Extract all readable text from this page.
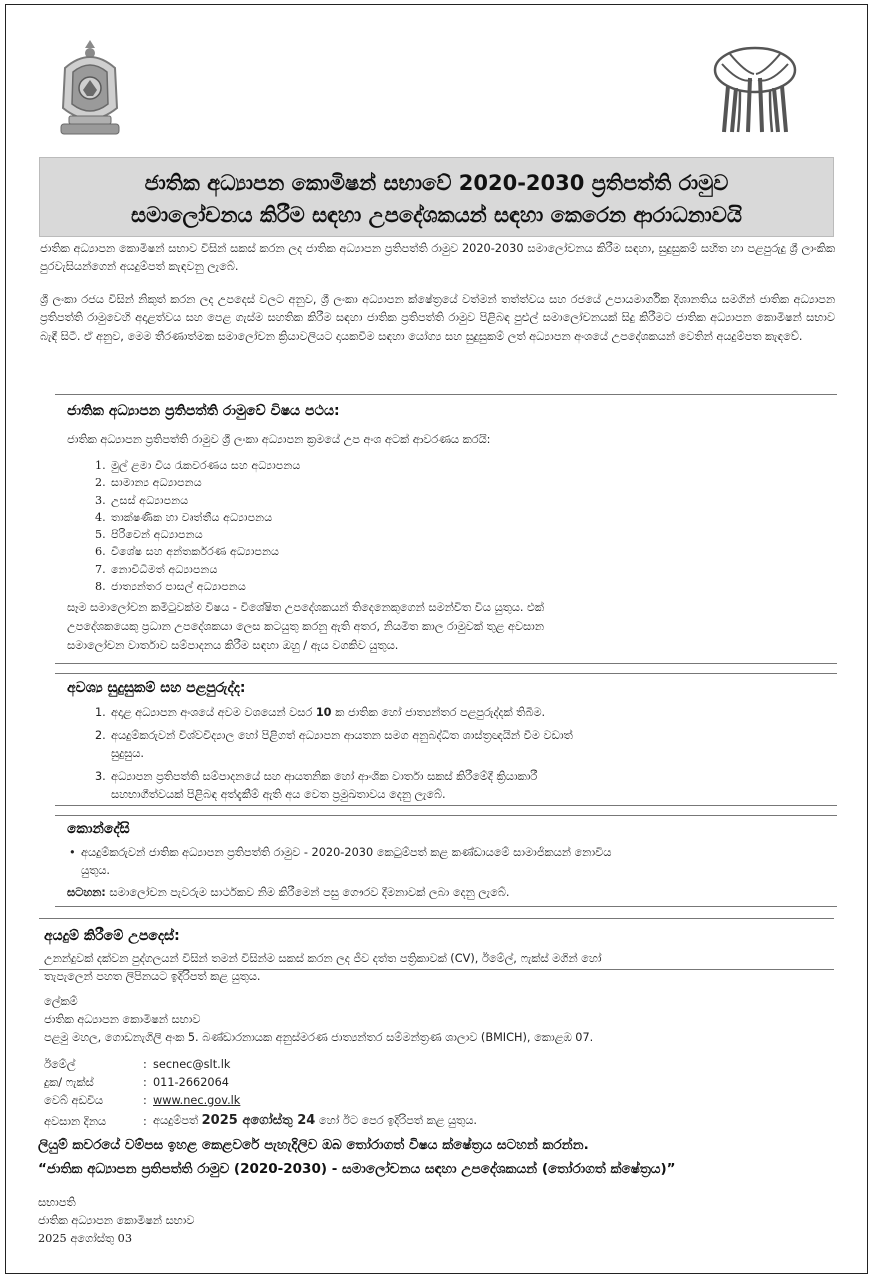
ජාතික අධ්‍යාපන කොමිෂන් සභාවේ 2020-2030 ප්‍රතිපත්ති රාමුව
සමාලෝචනය කිරීම සඳහා උපදේශකයන් සඳහා කෙරෙන ආරාධනාවයි
ජාතික අධ්‍යාපන කොමිෂන් සභාව විසින් සකස් කරන ලද ජාතික අධ්‍යාපන ප්‍රතිපත්ති රාමුව 2020-2030 සමාලෝචනය කිරීම සඳහා, සුදුසුකම් සහිත හා පළපුරුදු ශ්‍රී ලාංකික පුරවැසියන්ගෙන් අයදුම්පත් කැඳවනු ලැබේ.
ශ්‍රී ලංකා රජය විසින් නිකුත් කරන ලද උපදෙස් වලට අනුව, ශ්‍රී ලංකා අධ්‍යාපන ක්ෂේත්‍රයේ වත්මන් තත්ත්වය සහ රජයේ උපායමාර්ගික දිශානතිය සමගින් ජාතික අධ්‍යාපන ප්‍රතිපත්ති රාමුවෙහි අදාළත්වය සහ පෙළ ගැස්ම සහතික කිරීම සඳහා ජාතික ප්‍රතිපත්ති රාමුව පිළිබඳ පුළුල් සමාලෝචනයක් සිදු කිරීමට ජාතික අධ්‍යාපන කොමිෂන් සභාව බැඳී සිටී. ඒ අනුව, මෙම තීරණාත්මක සමාලෝචන ක්‍රියාවලියට දායකවීම සඳහා යෝග්‍ය සහ සුදුසුකම් ලත් අධ්‍යාපන අංශයේ උපදේශකයන් වෙතින් අයදුම්පත කැඳවේ.
ජාතික අධ්‍යාපන ප්‍රතිපත්ති රාමුවේ විෂය පථය:
ජාතික අධ්‍යාපන ප්‍රතිපත්ති රාමුව ශ්‍රී ලංකා අධ්‍යාපන ක්‍රමයේ උප අංශ අටක් ආවරණය කරයි:
1. මුල් ළමා විය රැකවරණය සහ අධ්‍යාපනය
2. සාමාන්‍ය අධ්‍යාපනය
3. උසස් අධ්‍යාපනය
4. තාක්ෂණික හා වෘත්තීය අධ්‍යාපනය
5. පිරිවෙන් අධ්‍යාපනය
6. විශේෂ සහ අන්තර්කරණ අධ්‍යාපනය
7. නොවිධිමත් අධ්‍යාපනය
8. ජාත්‍යන්තර පාසල් අධ්‍යාපනය
සෑම සමාලෝචන කමිටුවක්ම විෂය - විශේෂිත උපදේශකයන් තිදෙනෙකුගෙන් සමන්විත විය යුතුය. එක්
උපදේශකයෙකු ප්‍රධාන උපදේශකයා ලෙස කටයුතු කරනු ඇති අතර, නියමිත කාල රාමුවක් තුළ අවසාන
සමාලෝචන වාර්තාව සම්පාදනය කිරීම සඳහා ඔහු / ඇය වගකිව යුතුය.
අවශ්‍ය සුදුසුකම් සහ පළපුරුද්ද:
1. අදාළ අධ්‍යාපන අංශයේ අවම වශයෙන් වසර 10 ක ජාතික හෝ ජාත්‍යන්තර පළපුරුද්දක් තිබීම.
2. අයදුම්කරුවන් විශ්වවිද්‍යාල හෝ පිළිගත් අධ්‍යාපන ආයතන සමග අනුබද්ධිත ශාස්ත්‍රඥයින් වීම වඩාත්
සුදුසුය.
3. අධ්‍යාපන ප්‍රතිපත්ති සම්පාදනයේ සහ ආයතනික හෝ ආංශික වාර්තා සකස් කිරීමේදී ක්‍රියාකාරී
සහභාගීත්වයක් පිළිබඳ අත්දැකීම් ඇති අය වෙත ප්‍රමුඛතාවය දෙනු ලැබේ.
කොන්දේසි
• අයදුම්කරුවන් ජාතික අධ්‍යාපන ප්‍රතිපත්ති රාමුව - 2020-2030 කෙටුම්පත් කළ කණ්ඩායමේ සාමාජිකයන් නොවිය
යුතුය.
සටහන: සමාලෝචන පැවරුම සාර්ථකව නිම කිරීමෙන් පසු ගෞරව දීමනාවක් ලබා දෙනු ලැබේ.
අයදුම් කිරීමේ උපදෙස්:
උනන්දුවක් දක්වන පුද්ගලයන් විසින් තමන් විසින්ම සකස් කරන ලද ජීව දත්ත පත්‍රිකාවක් (CV), ඊමේල්, ෆැක්ස් මගින් හෝ
තැපැලෙන් පහත ලිපිනයට ඉදිරිපත් කළ යුතුය.
ලේකම්
ජාතික අධ්‍යාපන කොමිෂන් සභාව
පළමු මහල, ගොඩනැගිලි අංක 5. බණ්ඩාරනායක අනුස්මරණ ජාත්‍යන්තර සම්මන්ත්‍රණ ශාලාව (BMICH), කොළඹ 07.
ඊමේල්	: secnec@slt.lk
දුක/ ෆැක්ස්	: 011-2662064
වෙබ් අඩවිය	: www.nec.gov.lk
අවසාන දිනය	: අයදුම්පත් 2025 අගෝස්තු 24 හෝ ඊට පෙර ඉදිරිපත් කළ යුතුය.
ලියුම් කවරයේ වම්පස ඉහළ කෙළවරේ පැහැදිලිව ඔබ තෝරාගත් විෂය ක්ෂේත්‍රය සටහන් කරන්න.
“ජාතික අධ්‍යාපන ප්‍රතිපත්ති රාමුව (2020-2030) - සමාලෝචනය සඳහා උපදේශකයන් (තෝරාගත් ක්ෂේත්‍රය)”
සභාපති
ජාතික අධ්‍යාපන කොමිෂන් සභාව
2025 අගෝස්තු 03
